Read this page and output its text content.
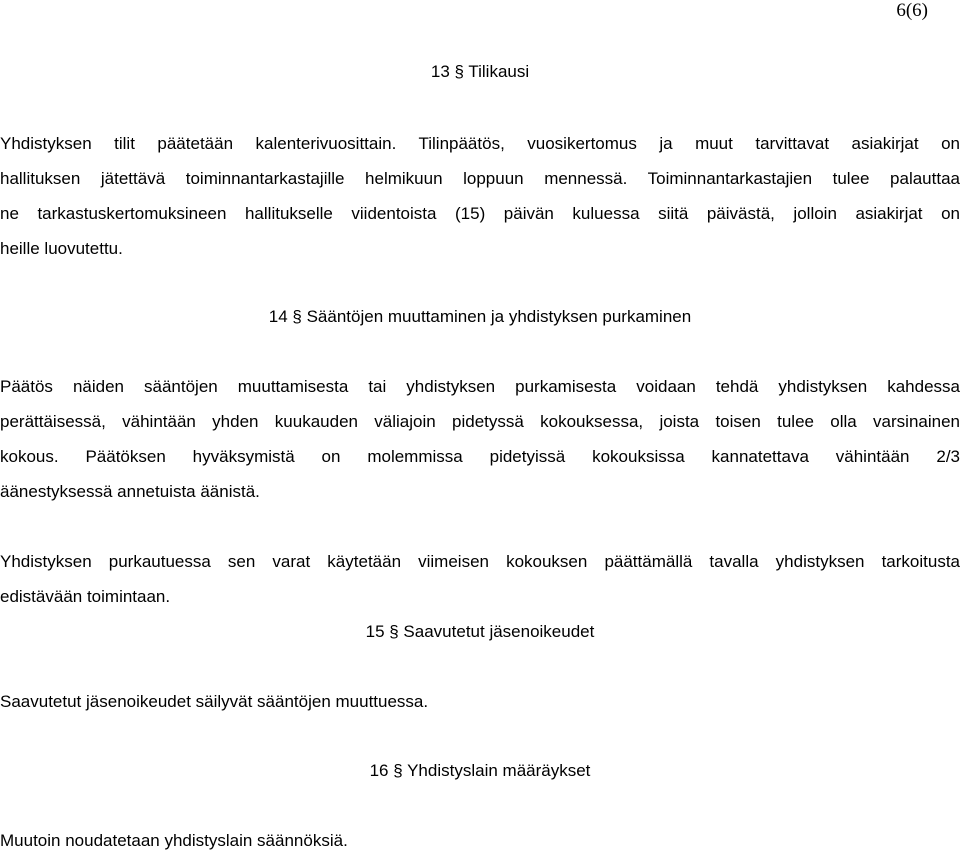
6(6)
13 § Tilikausi
Yhdistyksen tilit päätetään kalenterivuosittain. Tilinpäätös, vuosikertomus ja muut tarvittavat asiakirjat on
hallituksen jätettävä toiminnantarkastajille helmikuun loppuun mennessä. Toiminnantarkastajien tulee palauttaa
ne tarkastuskertomuksineen hallitukselle viidentoista (15) päivän kuluessa siitä päivästä, jolloin asiakirjat on
heille luovutettu.
14 § Sääntöjen muuttaminen ja yhdistyksen purkaminen
Päätös näiden sääntöjen muuttamisesta tai yhdistyksen purkamisesta voidaan tehdä yhdistyksen kahdessa
perättäisessä, vähintään yhden kuukauden väliajoin pidetyssä kokouksessa, joista toisen tulee olla varsinainen
kokous. Päätöksen hyväksymistä on molemmissa pidetyissä kokouksissa kannatettava vähintään 2/3
äänestyksessä annetuista äänistä.
Yhdistyksen purkautuessa sen varat käytetään viimeisen kokouksen päättämällä tavalla yhdistyksen tarkoitusta
edistävään toimintaan.
15 § Saavutetut jäsenoikeudet
Saavutetut jäsenoikeudet säilyvät sääntöjen muuttuessa.
16 § Yhdistyslain määräykset
Muutoin noudatetaan yhdistyslain säännöksiä.
